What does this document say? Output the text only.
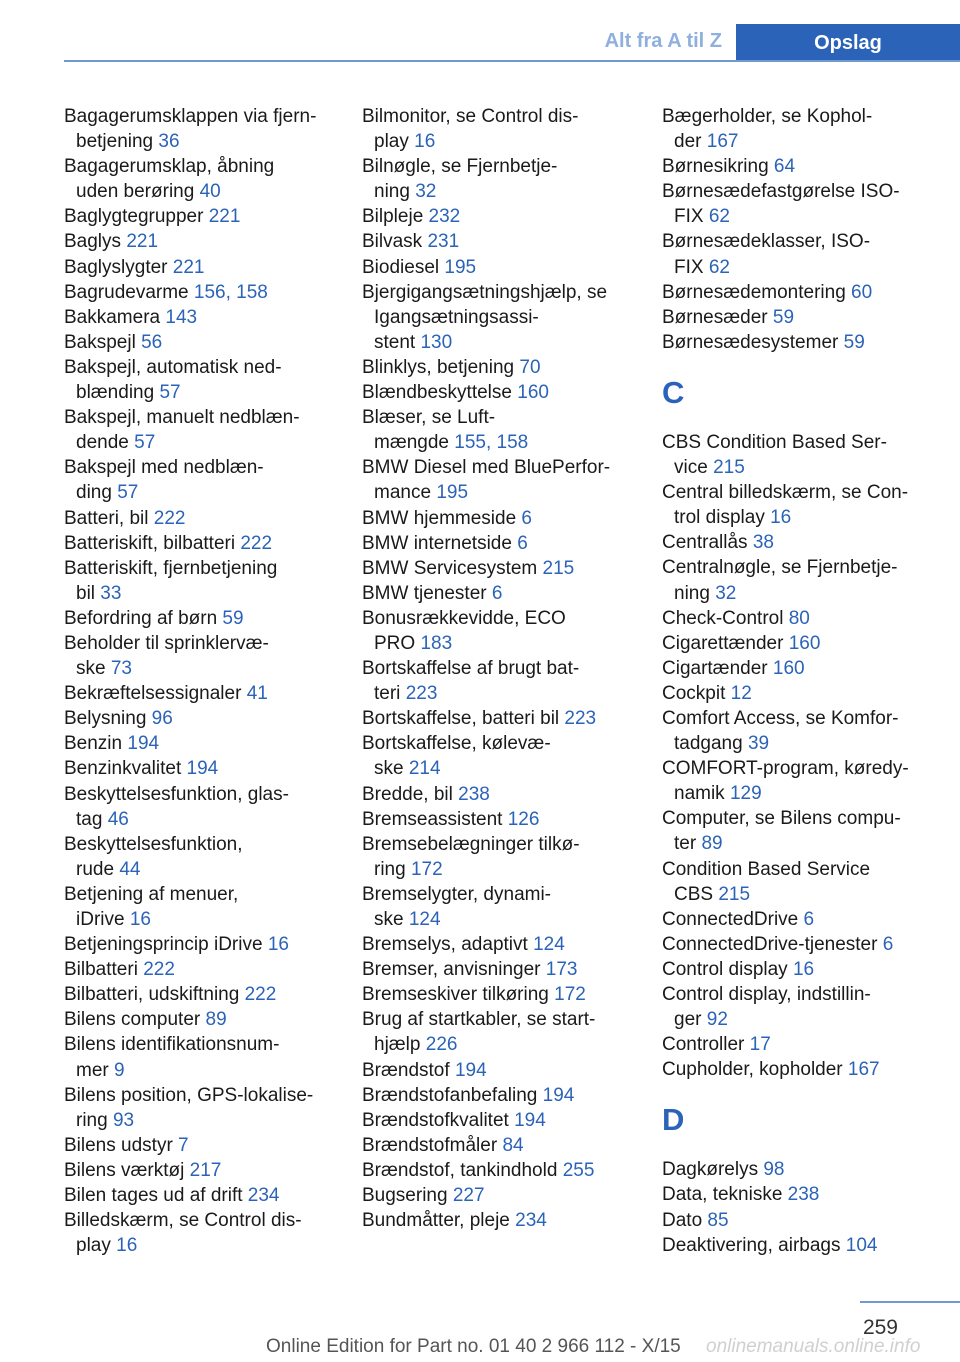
Alt fra A til Z	Opslag
Bagagerumsklappen via fjern-
betjening 36
Bagagerumsklap, åbning
uden berøring 40
Baglygtegrupper 221
Baglys 221
Baglyslygter 221
Bagrudevarme 156, 158
Bakkamera 143
Bakspejl 56
Bakspejl, automatisk ned-
blænding 57
Bakspejl, manuelt nedblæn-
dende 57
Bakspejl med nedblæn-
ding 57
Batteri, bil 222
Batteriskift, bilbatteri 222
Batteriskift, fjernbetjening
bil 33
Befordring af børn 59
Beholder til sprinklervæ-
ske 73
Bekræftelsessignaler 41
Belysning 96
Benzin 194
Benzinkvalitet 194
Beskyttelsesfunktion, glas-
tag 46
Beskyttelsesfunktion,
rude 44
Betjening af menuer,
iDrive 16
Betjeningsprincip iDrive 16
Bilbatteri 222
Bilbatteri, udskiftning 222
Bilens computer 89
Bilens identifikationsnum-
mer 9
Bilens position, GPS-lokalise-
ring 93
Bilens udstyr 7
Bilens værktøj 217
Bilen tages ud af drift 234
Billedskærm, se Control dis-
play 16
Bilmonitor, se Control dis-
play 16
Bilnøgle, se Fjernbetje-
ning 32
Bilpleje 232
Bilvask 231
Biodiesel 195
Bjergigangsætningshjælp, se
Igangsætningsassi-
stent 130
Blinklys, betjening 70
Blændbeskyttelse 160
Blæser, se Luft-
mængde 155, 158
BMW Diesel med BluePerfor-
mance 195
BMW hjemmeside 6
BMW internetside 6
BMW Servicesystem 215
BMW tjenester 6
Bonusrækkevidde, ECO
PRO 183
Bortskaffelse af brugt bat-
teri 223
Bortskaffelse, batteri bil 223
Bortskaffelse, kølevæ-
ske 214
Bredde, bil 238
Bremseassistent 126
Bremsebelægninger tilkø-
ring 172
Bremselygter, dynami-
ske 124
Bremselys, adaptivt 124
Bremser, anvisninger 173
Bremseskiver tilkøring 172
Brug af startkabler, se start-
hjælp 226
Brændstof 194
Brændstofanbefaling 194
Brændstofkvalitet 194
Brændstofmåler 84
Brændstof, tankindhold 255
Bugsering 227
Bundmåtter, pleje 234
Bægerholder, se Kophol-
der 167
Børnesikring 64
Børnesædefastgørelse ISO-
FIX 62
Børnesædeklasser, ISO-
FIX 62
Børnesædemontering 60
Børnesæder 59
Børnesædesystemer 59
C
CBS Condition Based Ser-
vice 215
Central billedskærm, se Con-
trol display 16
Centrallås 38
Centralnøgle, se Fjernbetje-
ning 32
Check-Control 80
Cigarettænder 160
Cigartænder 160
Cockpit 12
Comfort Access, se Komfor-
tadgang 39
COMFORT-program, køredy-
namik 129
Computer, se Bilens compu-
ter 89
Condition Based Service
CBS 215
ConnectedDrive 6
ConnectedDrive-tjenester 6
Control display 16
Control display, indstillin-
ger 92
Controller 17
Cupholder, kopholder 167
D
Dagkørelys 98
Data, tekniske 238
Dato 85
Deaktivering, airbags 104
259
Online Edition for Part no. 01 40 2 966 112 - X/15 onlinemanuals.online.info
